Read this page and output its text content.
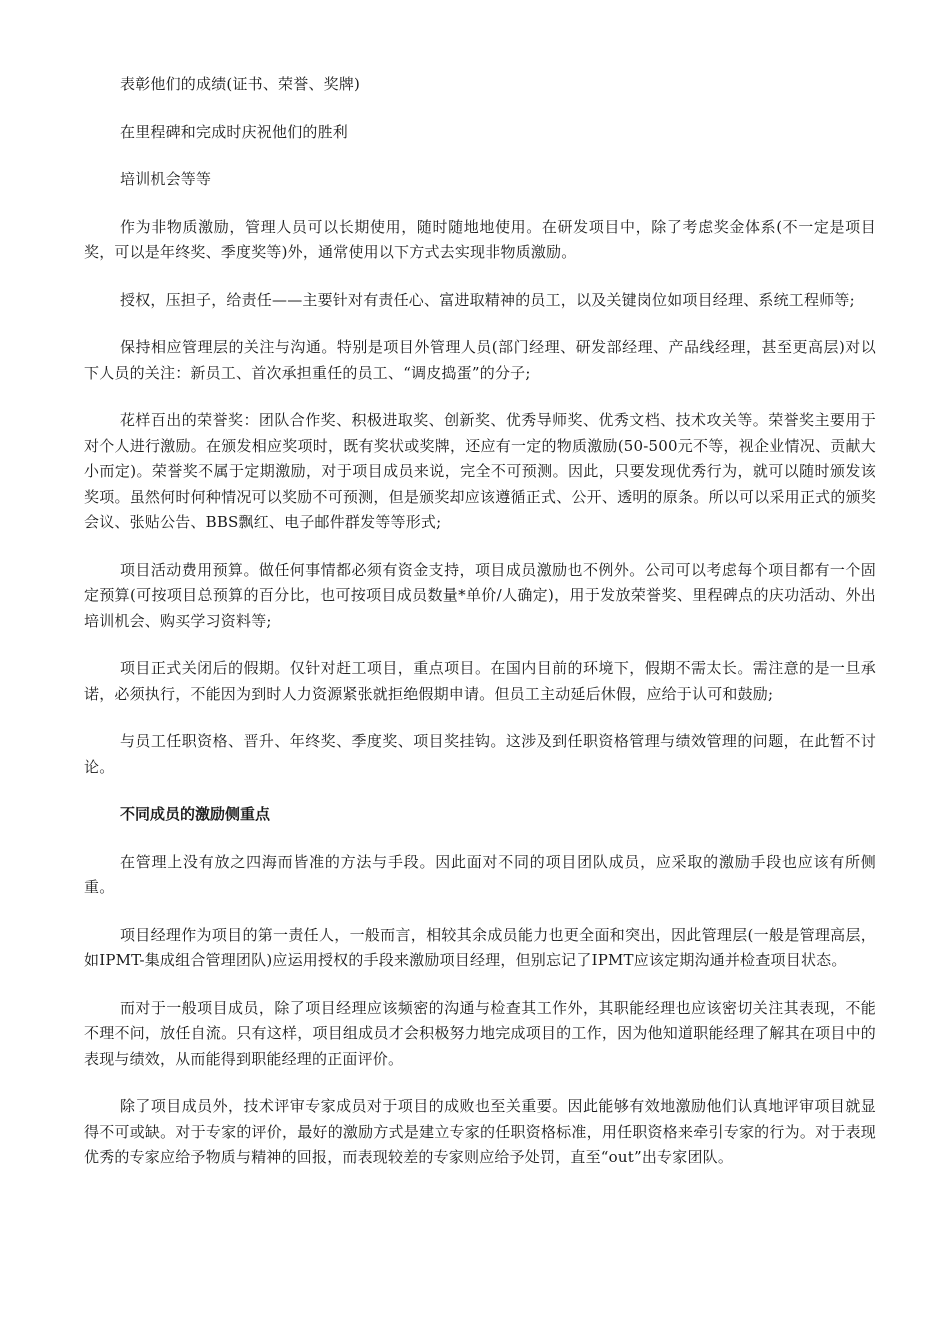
表彰他们的成绩(证书、荣誉、奖牌)

在里程碑和完成时庆祝他们的胜利

培训机会等等

作为非物质激励，管理人员可以长期使用，随时随地地使用。在研发项目中，除了考虑奖金体系(不一定是项目奖，可以是年终奖、季度奖等)外，通常使用以下方式去实现非物质激励。

授权，压担子，给责任——主要针对有责任心、富进取精神的员工，以及关键岗位如项目经理、系统工程师等;

保持相应管理层的关注与沟通。特别是项目外管理人员(部门经理、研发部经理、产品线经理，甚至更高层)对以下人员的关注：新员工、首次承担重任的员工、“调皮捣蛋”的分子;

花样百出的荣誉奖：团队合作奖、积极进取奖、创新奖、优秀导师奖、优秀文档、技术攻关等。荣誉奖主要用于对个人进行激励。在颁发相应奖项时，既有奖状或奖牌，还应有一定的物质激励(50-500元不等，视企业情况、贡献大小而定)。荣誉奖不属于定期激励，对于项目成员来说，完全不可预测。因此，只要发现优秀行为，就可以随时颁发该奖项。虽然何时何种情况可以奖励不可预测，但是颁奖却应该遵循正式、公开、透明的原条。所以可以采用正式的颁奖会议、张贴公告、BBS飘红、电子邮件群发等等形式;

项目活动费用预算。做任何事情都必须有资金支持，项目成员激励也不例外。公司可以考虑每个项目都有一个固定预算(可按项目总预算的百分比，也可按项目成员数量*单价/人确定)，用于发放荣誉奖、里程碑点的庆功活动、外出培训机会、购买学习资料等;

项目正式关闭后的假期。仅针对赶工项目，重点项目。在国内目前的环境下，假期不需太长。需注意的是一旦承诺，必须执行，不能因为到时人力资源紧张就拒绝假期申请。但员工主动延后休假，应给于认可和鼓励;

与员工任职资格、晋升、年终奖、季度奖、项目奖挂钩。这涉及到任职资格管理与绩效管理的问题，在此暂不讨论。

不同成员的激励侧重点

在管理上没有放之四海而皆准的方法与手段。因此面对不同的项目团队成员，应采取的激励手段也应该有所侧重。

项目经理作为项目的第一责任人，一般而言，相较其余成员能力也更全面和突出，因此管理层(一般是管理高层，如IPMT-集成组合管理团队)应运用授权的手段来激励项目经理，但别忘记了IPMT应该定期沟通并检查项目状态。

而对于一般项目成员，除了项目经理应该频密的沟通与检查其工作外，其职能经理也应该密切关注其表现，不能不理不问，放任自流。只有这样，项目组成员才会积极努力地完成项目的工作，因为他知道职能经理了解其在项目中的表现与绩效，从而能得到职能经理的正面评价。

除了项目成员外，技术评审专家成员对于项目的成败也至关重要。因此能够有效地激励他们认真地评审项目就显得不可或缺。对于专家的评价，最好的激励方式是建立专家的任职资格标准，用任职资格来牵引专家的行为。对于表现优秀的专家应给予物质与精神的回报，而表现较差的专家则应给予处罚，直至“out”出专家团队。
